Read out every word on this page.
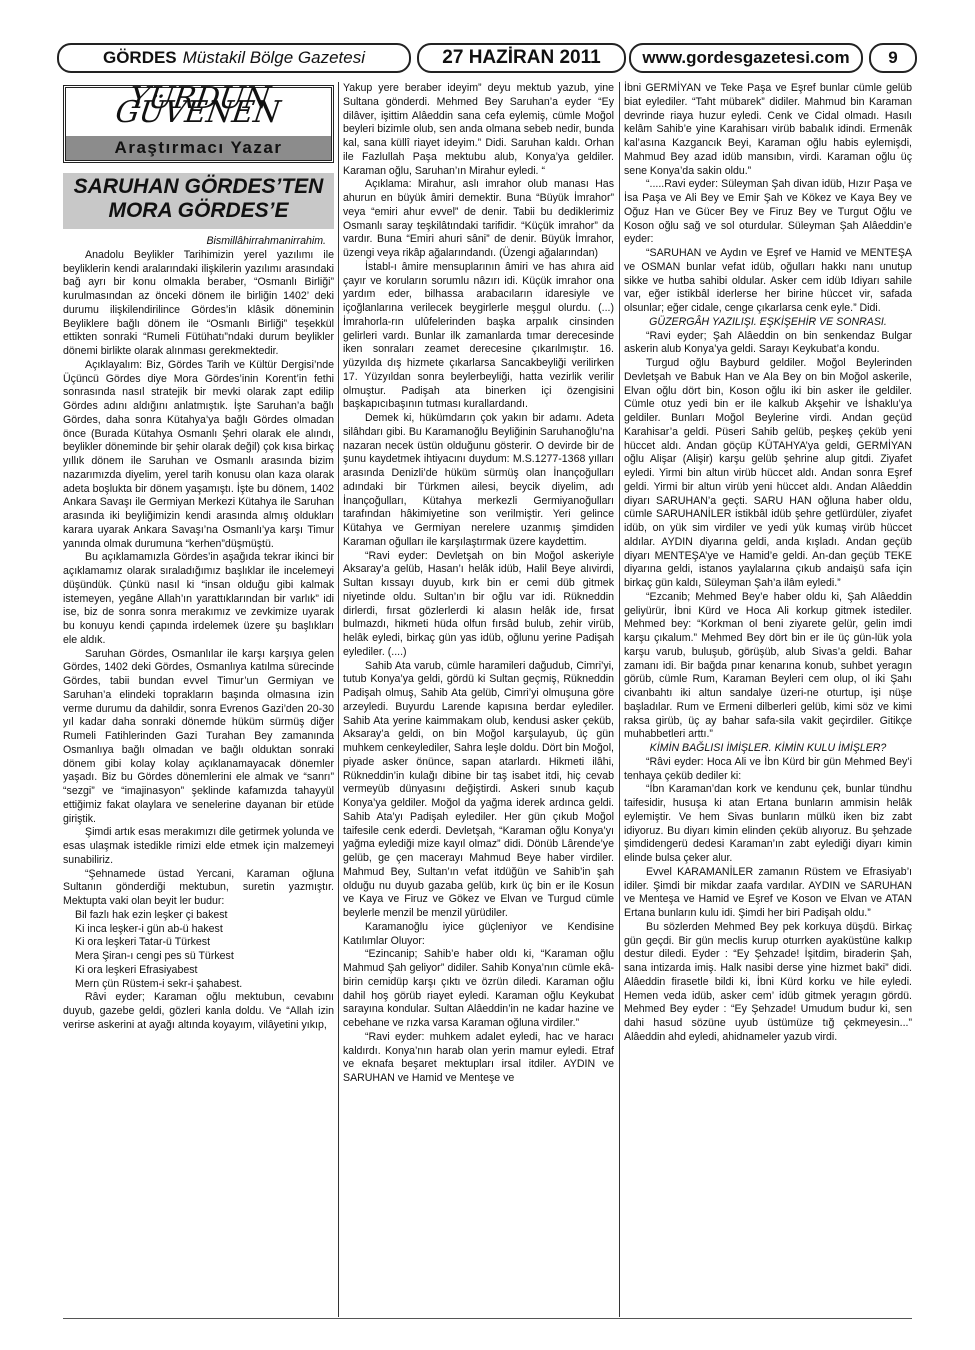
GÖRDES Müstakil Bölge Gazetesi	27 HAZİRAN 2011	www.gordesgazetesi.com	9
YURDUN GÜVENEN
Araştırmacı Yazar
SARUHAN GÖRDES’TEN
MORA GÖRDES’E

Bismillâhirrahmanirrahim.

Anadolu Beylikler Tarihimizin yerel yazılımı ile beyliklerin kendi aralarındaki ilişkilerin yazılımı arasındaki bağ ayrı bir konu olmakla beraber, “Osmanlı Birliği” kurulmasından az önceki dönem ile birliğin 1402’ deki durumu ilişkilendirilince Gördes’in klâsik döneminin Beyliklere bağlı dönem ile “Osmanlı Birliği” teşekkül ettikten sonraki “Rumeli Fütühatı”ndaki durum beylikler dönemi birlikte olarak alınması gerekmektedir.

Açıklayalım: Biz, Gördes Tarih ve Kültür Dergisi’nde Üçüncü Gördes diye Mora Gördes’inin Korent’in fethi sonrasında nasıl stratejik bir mevki olarak zapt edilip Gördes adını aldığını anlatmıştık. İşte Saruhan’a bağlı Gördes, daha sonra Kütahya’ya bağlı Gördes olmadan önce (Burada Kütahya Osmanlı Şehri olarak ele alındı, beylikler döneminde bir şehir olarak değil) çok kısa birkaç yıllık dönem ile Saruhan ve Osmanlı arasında bizim nazarımızda diyelim, yerel tarih konusu olan kaza olarak adeta boşlukta bir dönem yaşamıştı. İşte bu dönem, 1402 Ankara Savaşı ile Germiyan Merkezi Kütahya ile Saruhan arasında iki beyliğimizin kendi arasında almış oldukları karara uyarak Ankara Savaşı’na Osmanlı’ya karşı Timur yanında olmak durumuna “kerhen”düşmüştü.

Bu açıklamamızla Gördes’in aşağıda tekrar ikinci bir açıklamamız olarak sıraladığımız başlıklar ile incelemeyi düşündük. Çünkü nasıl ki “insan olduğu gibi kalmak istemeyen, yegâne Allah’ın yarattıklarından bir varlık” idi ise, biz de sonra sonra merakımız ve zevkimize uyarak bu konuyu kendi çapında irdelemek üzere şu başlıkları ele aldık.

Saruhan Gördes, Osmanlılar ile karşı karşıya gelen Gördes, 1402 deki Gördes, Osmanlıya katılma sürecinde Gördes, tabii bundan evvel Timur’un Germiyan ve Saruhan’a elindeki toprakların başında olmasına izin verme durumu da dahildir, sonra Evrenos Gazi’den 20-30 yıl kadar daha sonraki dönemde hüküm sürmüş diğer Rumeli Fatihlerinden Gazi Turahan Bey zamanında Osmanlıya bağlı olmadan ve bağlı olduktan sonraki dönem gibi kolay kolay açıklanamayacak dönemler yaşadı. Biz bu Gördes dönemlerini ele almak ve “sanrı” “sezgi” ve “imajinasyon” şeklinde kafamızda tahayyül ettiğimiz fakat olaylara ve senelerine dayanan bir etüde giriştik.

Şimdi artık esas merakımızı dile getirmek yolunda ve esas ulaşmak istedikle rimizi elde etmek için malzemeyi sunabiliriz.

“Şehnamede üstad Yercani, Karaman oğluna Sultanın gönderdiği mektubun, suretin yazmıştır. Mektupta vaki olan beyit ler budur:

Bil fazlı hak ezin leşker çi bakest
Ki inca leşker-i gün ab-ü hakest
Ki ora leşkeri Tatar-ü Türkest
Mera Şiran-ı cengi pes sü Türkest
Ki ora leşkeri Efrasiyabest
Mern çün Rüstem-i sekr-i şahabest.

Râvi eyder; Karaman oğlu mektubun, cevabını duyub, gazebe geldi, gözleri kanla doldu. Ve “Allah izin verirse askerini at ayağı altında koyayım, vilâyetini yıkıp,

Yakup yere beraber ideyim” deyu mektub yazub, yine Sultana gönderdi. Mehmed Bey Saruhan’a eyder “Ey dilâver, işittim Alâeddin sana cefa eylemiş, cümle Moğol beyleri bizimle olub, sen anda olmana sebeb nedir, bunda kal, sana küllî riayet ideyim.” Didi. Saruhan kaldı. Orhan ile Fazlullah Paşa mektubu alub, Konya’ya geldiler. Karaman oğlu, Saruhan’ın Mirahur eyledi. “

Açıklama: Mirahur, aslı imrahor olub manası Has ahurun en büyük âmiri demektir. Buna “Büyük İmrahor” veya “emiri ahur evvel” de denir. Tabii bu dediklerimiz Osmanlı saray teşkilâtındaki tarifidir. “Küçük imrahor” da vardır. Buna “Emiri ahuri sâni” de denir. Büyük İmrahor, üzengi veya rikâp ağalarındandı. (Üzengi ağalarından)

İstabl-ı âmire mensuplarının âmiri ve has ahıra aid çayır ve koruların sorumlu nâzırı idi. Küçük imrahor ona yardım eder, bilhassa arabacıların idaresiyle ve içoğlanlarına verilecek beygirlerle meşgul olurdu. (...) İmrahorla-rın ulûfelerinden başka arpalık cinsinden gelirleri vardı. Bunlar ilk zamanlarda tımar derecesinde iken sonraları zeamet derecesine çıkarılmıştır. 16. yüzyılda dış hizmete çıkarlarsa Sancakbeyliği verilirken 17. Yüzyıldan sonra beylerbeyliği, hatta vezirlik verilir olmuştur. Padişah ata binerken içi özengisini başkapıcıbaşının tutması kurallardandı.

Demek ki, hükümdarın çok yakın bir adamı. Adeta silâhdarı gibi. Bu Karamanoğlu Beyliğinin Saruhanoğlu’na nazaran necek üstün olduğunu gösterir. O devirde bir de şunu kaydetmek ihtiyacını duydum: M.S.1277-1368 yılları arasında Denizli’de hüküm sürmüş olan İnançoğulları adındaki bir Türkmen ailesi, beycik diyelim, adı İnançoğulları, Kütahya merkezli Germiyanoğulları tarafından hâkimiyetine son verilmiştir. Yeri gelince Kütahya ve Germiyan nerelere uzanmış şimdiden Karaman oğulları ile karşılaştırmak üzere kaydettim.

“Ravi eyder: Devletşah on bin Moğol askeriyle Aksaray’a gelüb, Hasan’ı helâk idüb, Halil Beye alıvirdi, Sultan kıssayı duyub, kırk bin er cemi düb gitmek niyetinde oldu. Sultan’ın bir oğlu var idi. Rükneddin dirlerdi, fırsat gözlerlerdi ki alasın helâk ide, fırsat bulmazdı, hikmeti hüda olfun fırsâd bulub, zehir virüb, helâk eyledi, birkaç gün yas idüb, oğlunu yerine Padişah eylediler. (....)

Sahib Ata varub, cümle haramileri dağudub, Cimri’yi, tutub Konya’ya geldi, gördü ki Sultan geçmiş, Rükneddin Padişah olmuş, Sahib Ata gelüb, Cimri’yi olmuşuna göre arzeyledi. Buyurdu Larende kapısına berdar eylediler. Sahib Ata yerine kaimmakam olub, kendusi asker çeküb, Aksaray’a geldi, on bin Moğol karşulayub, üç gün muhkem cenkeylediler, Sahra leşle doldu. Dört bin Moğol, piyade asker önünce, sapan atarlardı. Hikmeti ilâhi, Rükneddin’in kulağı dibine bir taş isabet itdi, hiç cevab vermeyüb dünyasını değiştirdi. Askeri sınub kaçub Konya’ya geldiler. Moğol da yağma iderek ardınca geldi. Sahib Ata’yı Padişah eylediler. Her gün çıkub Moğol taifesile cenk ederdi. Devletşah, “Karaman oğlu Konya’yı yağma eylediği mize kayıl olmaz” didi. Dönüb Lârende’ye gelüb, ge çen macerayı Mahmud Beye haber virdiler. Mahmud Bey, Sultan’ın vefat itdüğün ve Sahib’in şah olduğu nu duyub gazaba gelüb, kırk üç bin er ile Kosun ve Kaya ve Firuz ve Gökez ve Elvan ve Turgud cümle beylerle menzil be menzil yürüdiler.

Karamanoğlu iyice güçleniyor ve Kendisine Katılımlar Oluyor:

“Ezincanip; Sahib’e haber oldı ki, “Karaman oğlu Mahmud Şah geliyor” didiler. Sahib Konya’nın cümle ekâ-birin cemidüp karşı çıktı ve özrün diledi. Karaman oğlu dahil hoş görüb riayet eyledi. Karaman oğlu Keykubat sarayına kondular. Sultan Alâeddin’in ne kadar hazine ve cebehane ve rızka varsa Karaman oğluna virdiler.”

“Ravi eyder: muhkem adalet eyledi, hac ve haracı kaldırdı. Konya’nın harab olan yerin mamur eyledi. Etraf ve eknafa beşaret mektupları irsal itdiler. AYDIN ve SARUHAN ve Hamid ve Menteşe ve

İbni GERMİYAN ve Teke Paşa ve Eşref bunlar cümle gelüb biat eylediler. “Taht mübarek” didiler. Mahmud bin Karaman devrinde riaya huzur eyledi. Cenk ve Cidal olmadı. Hasılı kelâm Sahib’e yine Karahisarı virüb babalık idindi. Ermenâk kal’asına Kazgancık Beyi, Karaman oğlu habis eylemişdi, Mahmud Bey azad idüb mansıbın, virdi. Karaman oğlu üç sene Konya’da sakin oldu.”

“.....Ravi eyder: Süleyman Şah divan idüb, Hızır Paşa ve İsa Paşa ve Ali Bey ve Emir Şah ve Kökez ve Kaya Bey ve Oğuz Han ve Gücer Bey ve Firuz Bey ve Turgut Oğlu ve Koson oğlu sağ ve sol oturdular. Süleyman Şah Alâeddin’e eyder:

“SARUHAN ve Aydın ve Eşref ve Hamid ve MENTEŞA ve OSMAN bunlar vefat idüb, oğulları hakkı nanı unutup sikke ve hutba sahibi oldular. Asker cem idüb Idiyarı sahile var, eğer istikbâl iderlerse her birine hüccet vir, safada olsunlar; eğer cidale, cenge çıkarlarsa cenk eyle.” Didi.

GÜZERGÂH YAZILIŞI. EŞKİŞEHİR VE SONRASI.

“Ravi eyder; Şah Alâeddin on bin senkendaz Bulgar askerin alub Konya’ya geldi. Sarayı Keykubat’a kondu.

Turgud oğlu Bayburd geldiler. Moğol Beylerinden Devletşah ve Babuk Han ve Ala Bey on bin Moğol askerile, Elvan oğlu dört bin, Koson oğlu iki bin asker ile geldiler. Cümle otuz yedi bin er ile kalkub Akşehir ve İshaklu’ya geldiler. Bunları Moğol Beylerine virdi. Andan geçüd Karahisar’a geldi. Püseri Sahib gelüb, peşkeş çeküb yeni hüccet aldı. Andan göçüp KÜTAHYA’ya geldi, GERMİYAN oğlu Alişar (Alişir) karşu gelüb şehrine alup gitdi. Ziyafet eyledi. Yirmi bin altun virüb hüccet aldı. Andan sonra Eşref geldi. Yirmi bir altun virüb yeni hüccet aldı. Andan Alâeddin diyarı SARUHAN’a geçti. SARU HAN oğluna haber oldu, cümle SARUHANİLER istikbâl idüb şehre getlürdüler, ziyafet idüb, on yük sim virdiler ve yedi yük kumaş virüb hüccet aldılar. AYDIN diyarına geldi, anda kışladı. Andan geçüb diyarı MENTEŞA’ye ve Hamid’e geldi. An-dan geçüb TEKE diyarına geldi, istanos yaylalarına çıkub andaişü safa için birkaç gün kaldı, Süleyman Şah’a ilâm eyledi.”

“Ezcanib; Mehmed Bey’e haber oldu ki, Şah Alâeddin geliyürür, İbni Kürd ve Hoca Ali korkup gitmek istediler. Mehmed bey: “Korkman ol beni ziyarete gelür, gelin imdi karşu çıkalum.” Mehmed Bey dört bin er ile üç gün-lük yola karşu varub, buluşub, görüşüb, alub Sivas’a geldi. Bahar zamanı idi. Bir bağda pınar kenarına konub, suhbet yeragın görüb, cümle Rum, Karaman Beyleri cem olup, ol iki Şahı civanbahtı iki altun sandalye üzeri-ne oturtup, işi nüşe başladılar. Rum ve Ermeni dilberleri gelüb, kimi söz ve kimi raksa girüb, üç ay bahar safa-sila vakit geçirdiler. Gitikçe muhabbetleri arttı.”

KİMİN BAĞLISI İMİŞLER. KİMİN KULU İMİŞLER?

“Râvi eyder: Hoca Ali ve İbn Kürd bir gün Mehmed Bey’i tenhaya çeküb dediler ki:

“İbn Karaman’dan kork ve kendunu çek, bunlar tündhu taifesidir, husuşa ki atan Ertana bunların ammisin helâk eylemiştir. Ve hem Sivas bunların mülkü iken biz zabt idiyoruz. Bu diyarı kimin elinden çeküb alıyoruz. Bu şehzade şimdidengerü dedesi Karaman’ın zabt eylediği diyarı kimin elinde bulsa çeker alur.

Evvel KARAMANİLER zamanın Rüstem ve Efrasiyab’ı idiler. Şimdi bir mikdar zaafa vardılar. AYDIN ve SARUHAN ve Menteşa ve Hamid ve Eşref ve Koson ve Elvan ve ATAN Ertana bunların kulu idi. Şimdi her biri Padişah oldu.”

Bu sözlerden Mehmed Bey pek korkuya düşdü. Birkaç gün geçdi. Bir gün meclis kurup oturrken ayaküstüne kalkıp destur diledi. Eyder : “Ey Şehzade! İşitdim, biraderin Şah, sana intizarda imiş. Halk nasibi derse yine hizmet baki” didi. Alâeddin firasetle bildi ki, İbni Kürd korku ve hile eyledi. Hemen veda idüb, asker cem’ idüb gitmek yeragın gördü. Mehmed Bey eyder : “Ey Şehzade! Umudum budur ki, sen dahi hasud sözüne uyub üstümüze tığ çekmeyesin...” Alâeddin ahd eyledi, ahidnameler yazub virdi.
